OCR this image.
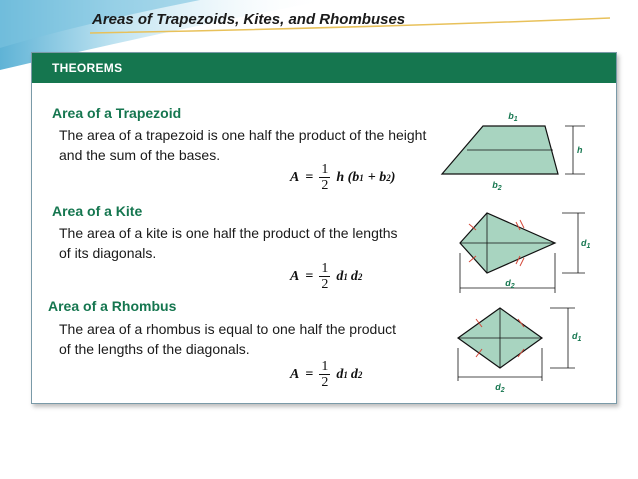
Areas of Trapezoids, Kites, and Rhombuses
THEOREMS
Area of a Trapezoid
The area of a trapezoid is one half the product of the height and the sum of the bases.
$A = \frac{1}{2}$ h (b 1 + b 2 )
Area of a Kite
The area of a kite is one half the product of the lengths of its diagonals.
$A = \frac{1}{2}$ d 1 d 2
Area of a Rhombus
The area of a rhombus is equal to one half the product of the lengths of the diagonals.
$A = \frac{1}{2}$ d 1 d 2
$b_1$
h
$b_2$
$d_1$
$d_2$
$d_1$
$d_2$
